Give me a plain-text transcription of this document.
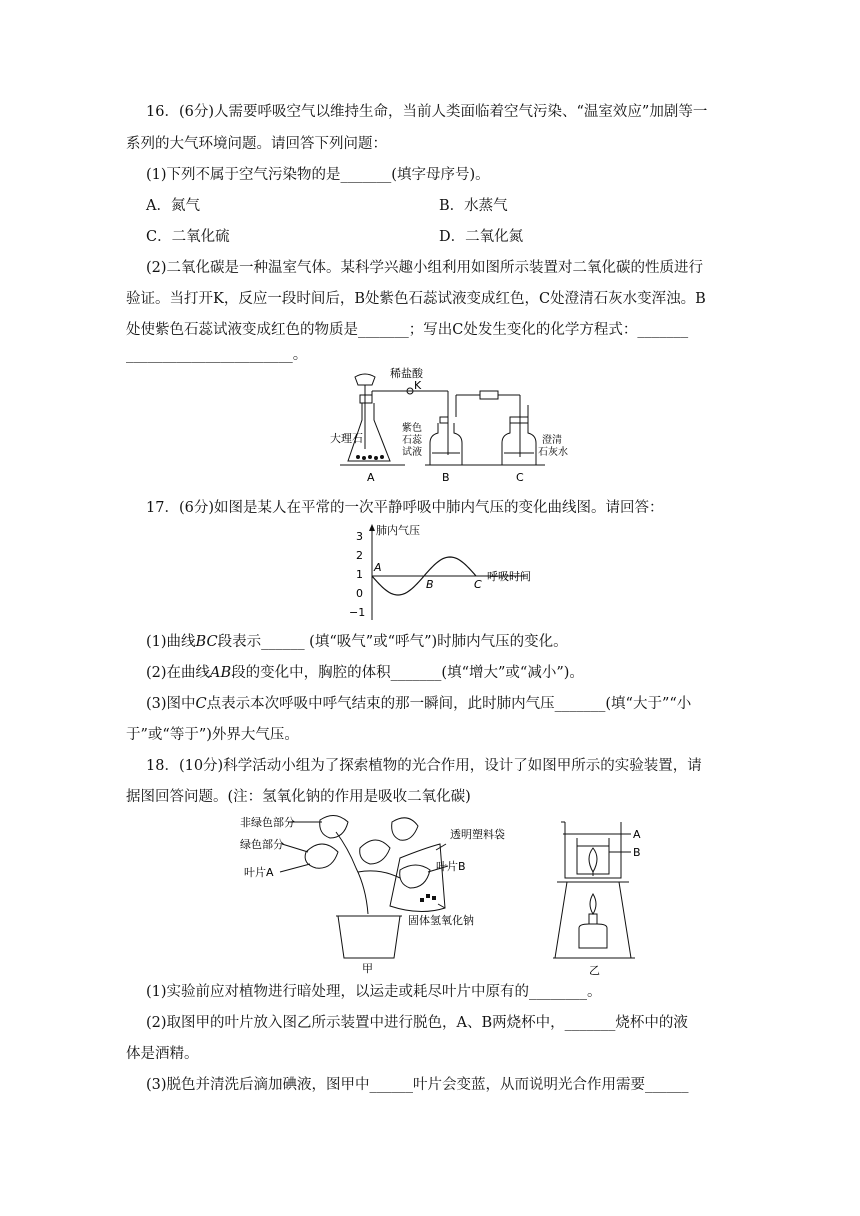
16．(6分)人需要呼吸空气以维持生命，当前人类面临着空气污染、“温室效应”加剧等一
系列的大气环境问题。请回答下列问题：
(1)下列不属于空气污染物的是_______(填字母序号)。
A．氮气	B．水蒸气
C．二氧化硫	D．二氧化氮
(2)二氧化碳是一种温室气体。某科学兴趣小组利用如图所示装置对二氧化碳的性质进行
验证。当打开K，反应一段时间后，B处紫色石蕊试液变成红色，C处澄清石灰水变浑浊。B
处使紫色石蕊试液变成红色的物质是_______；写出C处发生变化的化学方程式：_______
_______________________。
稀盐酸
K
大理石
紫色
石蕊
试液
澄清
石灰水
A	B	C
17．(6分)如图是某人在平常的一次平静呼吸中肺内气压的变化曲线图。请回答：
肺内气压
呼吸时间
3
2
1
0
−1
A
B	C
(1)曲线BC段表示______ (填“吸气”或“呼气”)时肺内气压的变化。
(2)在曲线AB段的变化中，胸腔的体积_______(填“增大”或“减小”)。
(3)图中C点表示本次呼吸中呼气结束的那一瞬间，此时肺内气压_______(填“大于”“小
于”或“等于”)外界大气压。
18．(10分)科学活动小组为了探索植物的光合作用，设计了如图甲所示的实验装置，请
据图回答问题。(注：氢氧化钠的作用是吸收二氧化碳)
非绿色部分
绿色部分
叶片A
透明塑料袋
叶片B
固体氢氧化钠
甲
A
B
乙
(1)实验前应对植物进行暗处理，以运走或耗尽叶片中原有的________。
(2)取图甲的叶片放入图乙所示装置中进行脱色，A、B两烧杯中，_______烧杯中的液
体是酒精。
(3)脱色并清洗后滴加碘液，图甲中______叶片会变蓝，从而说明光合作用需要______
